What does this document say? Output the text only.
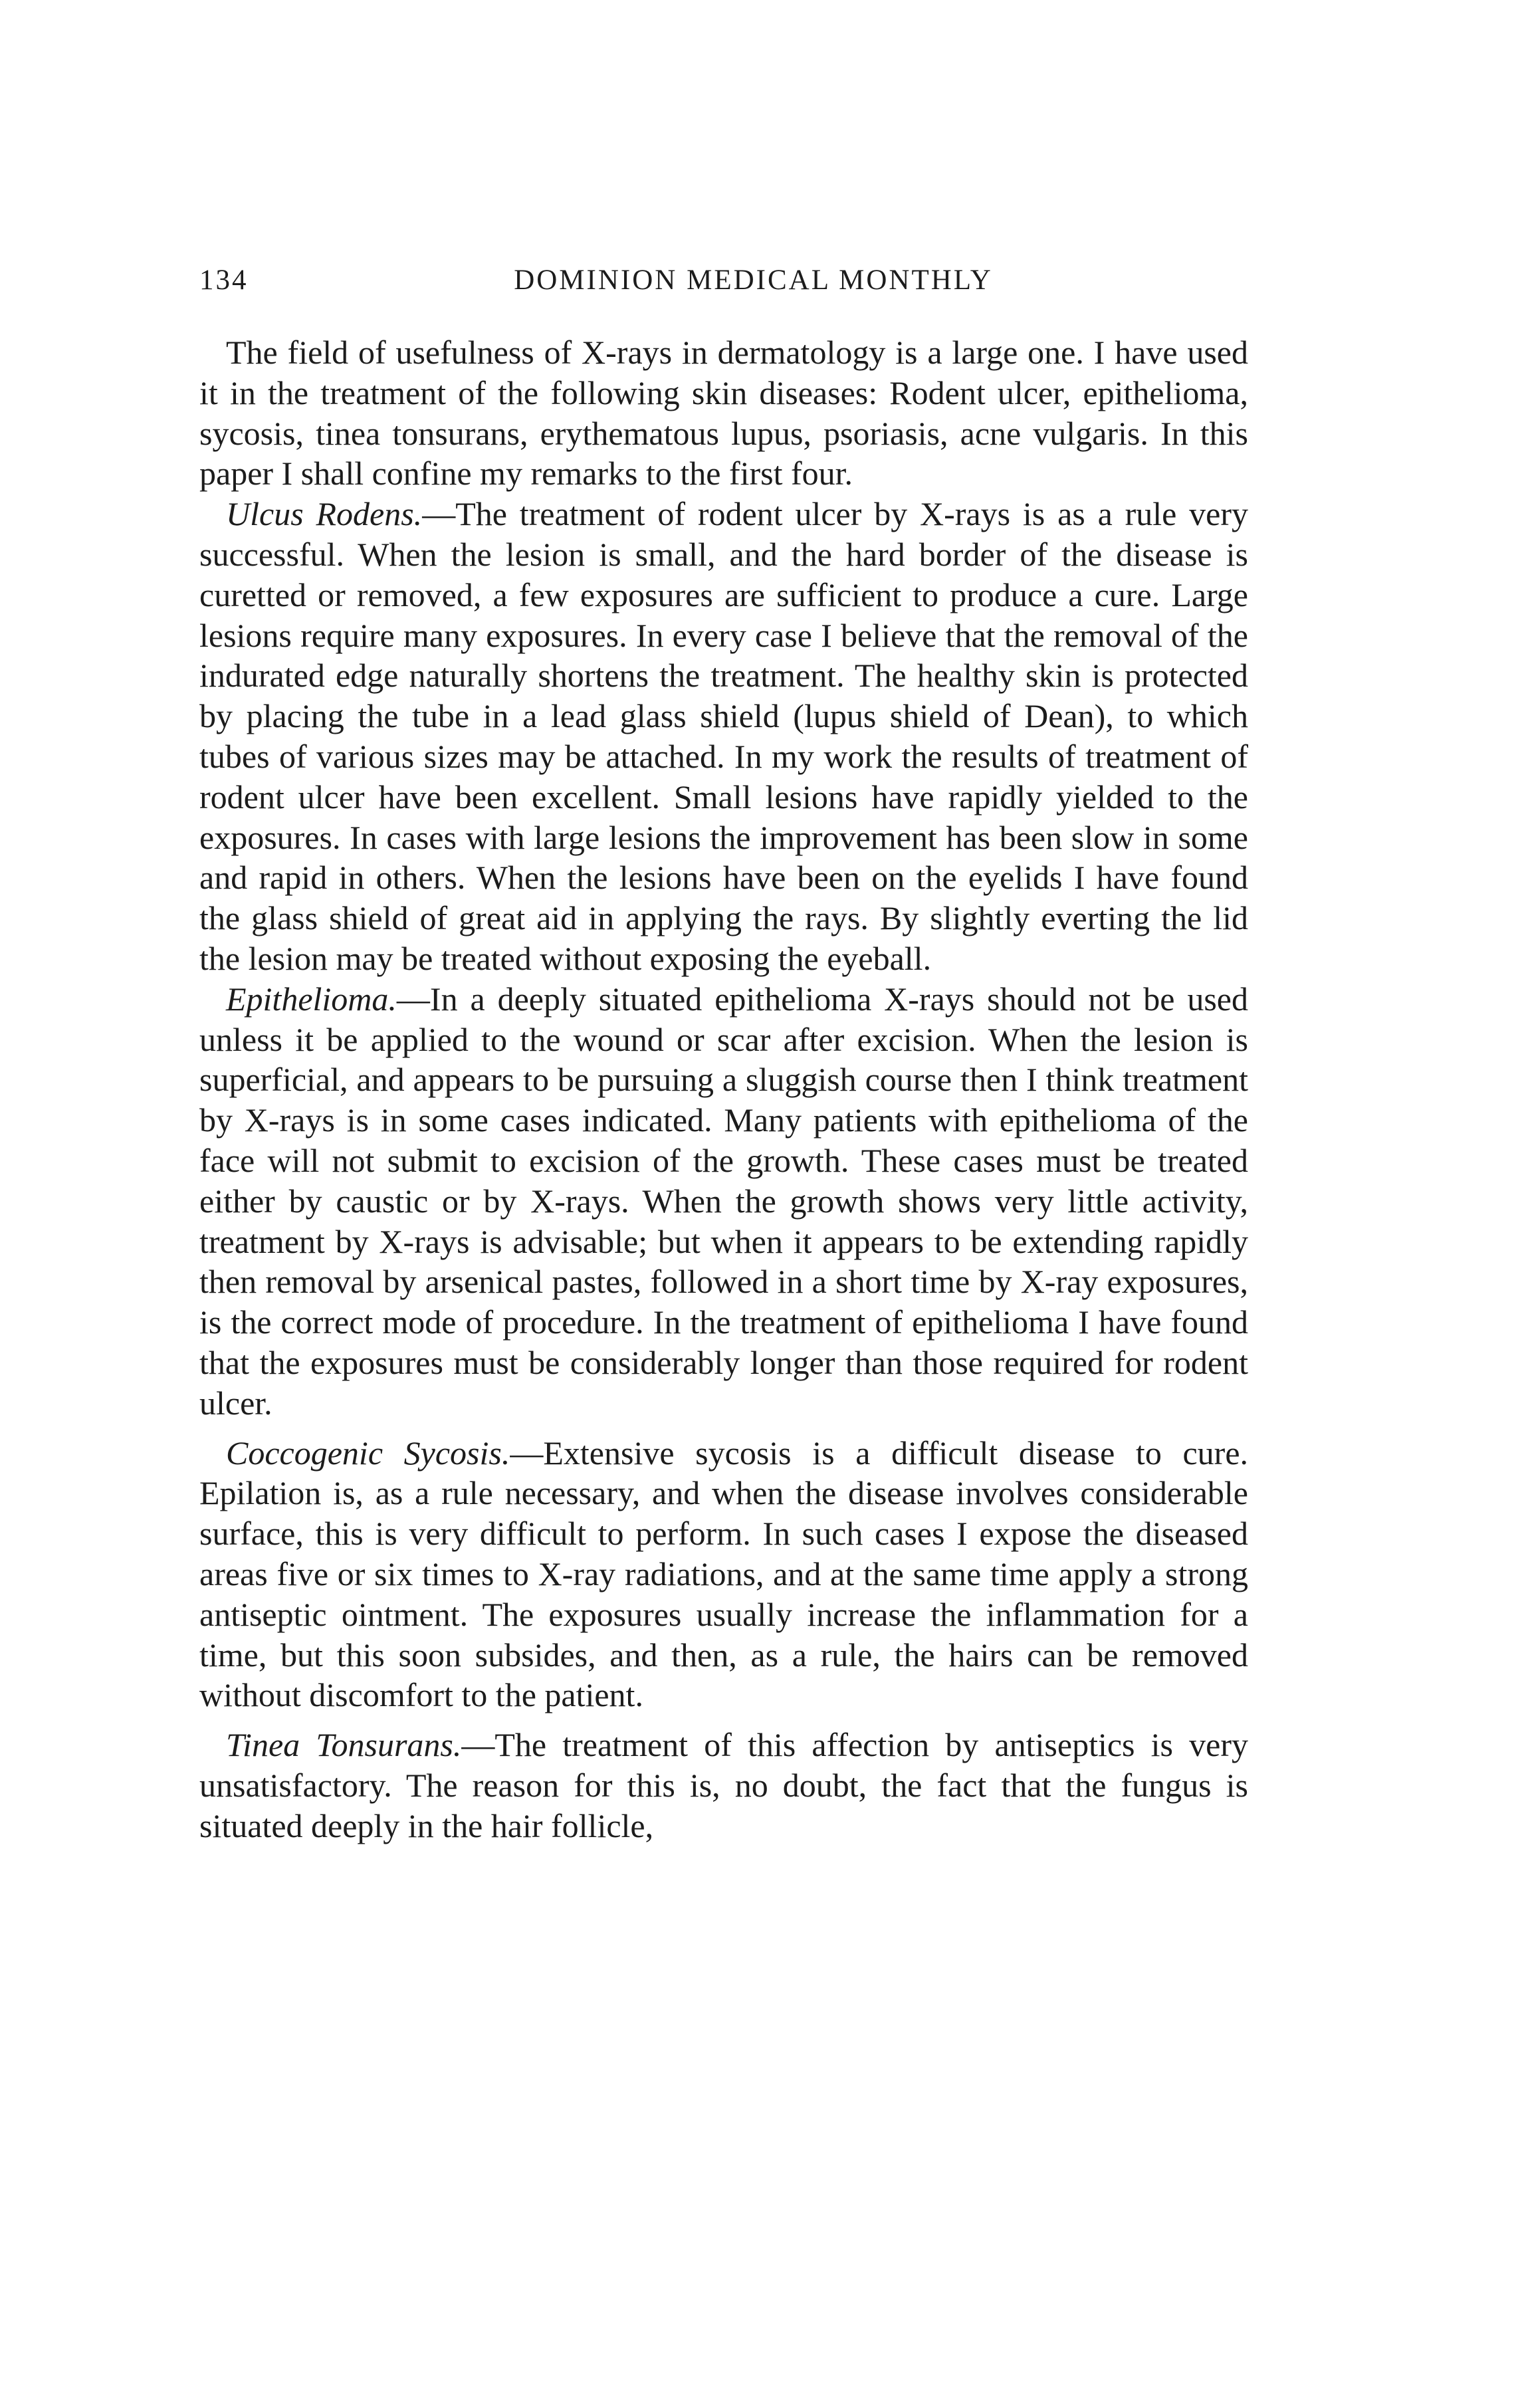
134	DOMINION MEDICAL MONTHLY

The field of usefulness of X-rays in dermatology is a large one. I have used it in the treatment of the following skin diseases: Rodent ulcer, epithelioma, sycosis, tinea tonsurans, erythematous lupus, psoriasis, acne vulgaris. In this paper I shall confine my remarks to the first four.

Ulcus Rodens.—The treatment of rodent ulcer by X-rays is as a rule very successful. When the lesion is small, and the hard border of the disease is curetted or removed, a few exposures are sufficient to produce a cure. Large lesions require many exposures. In every case I believe that the removal of the indurated edge naturally shortens the treatment. The healthy skin is protected by placing the tube in a lead glass shield (lupus shield of Dean), to which tubes of various sizes may be attached. In my work the results of treatment of rodent ulcer have been excellent. Small lesions have rapidly yielded to the exposures. In cases with large lesions the improvement has been slow in some and rapid in others. When the lesions have been on the eyelids I have found the glass shield of great aid in applying the rays. By slightly everting the lid the lesion may be treated without exposing the eyeball.

Epithelioma.—In a deeply situated epithelioma X-rays should not be used unless it be applied to the wound or scar after excision. When the lesion is superficial, and appears to be pursuing a sluggish course then I think treatment by X-rays is in some cases indicated. Many patients with epithelioma of the face will not submit to excision of the growth. These cases must be treated either by caustic or by X-rays. When the growth shows very little activity, treatment by X-rays is advisable; but when it appears to be extending rapidly then removal by arsenical pastes, followed in a short time by X-ray exposures, is the correct mode of procedure. In the treatment of epithelioma I have found that the exposures must be considerably longer than those required for rodent ulcer.

Coccogenic Sycosis.—Extensive sycosis is a difficult disease to cure. Epilation is, as a rule necessary, and when the disease involves considerable surface, this is very difficult to perform. In such cases I expose the diseased areas five or six times to X-ray radiations, and at the same time apply a strong antiseptic ointment. The exposures usually increase the inflammation for a time, but this soon subsides, and then, as a rule, the hairs can be removed without discomfort to the patient.

Tinea Tonsurans.—The treatment of this affection by antiseptics is very unsatisfactory. The reason for this is, no doubt, the fact that the fungus is situated deeply in the hair follicle,
